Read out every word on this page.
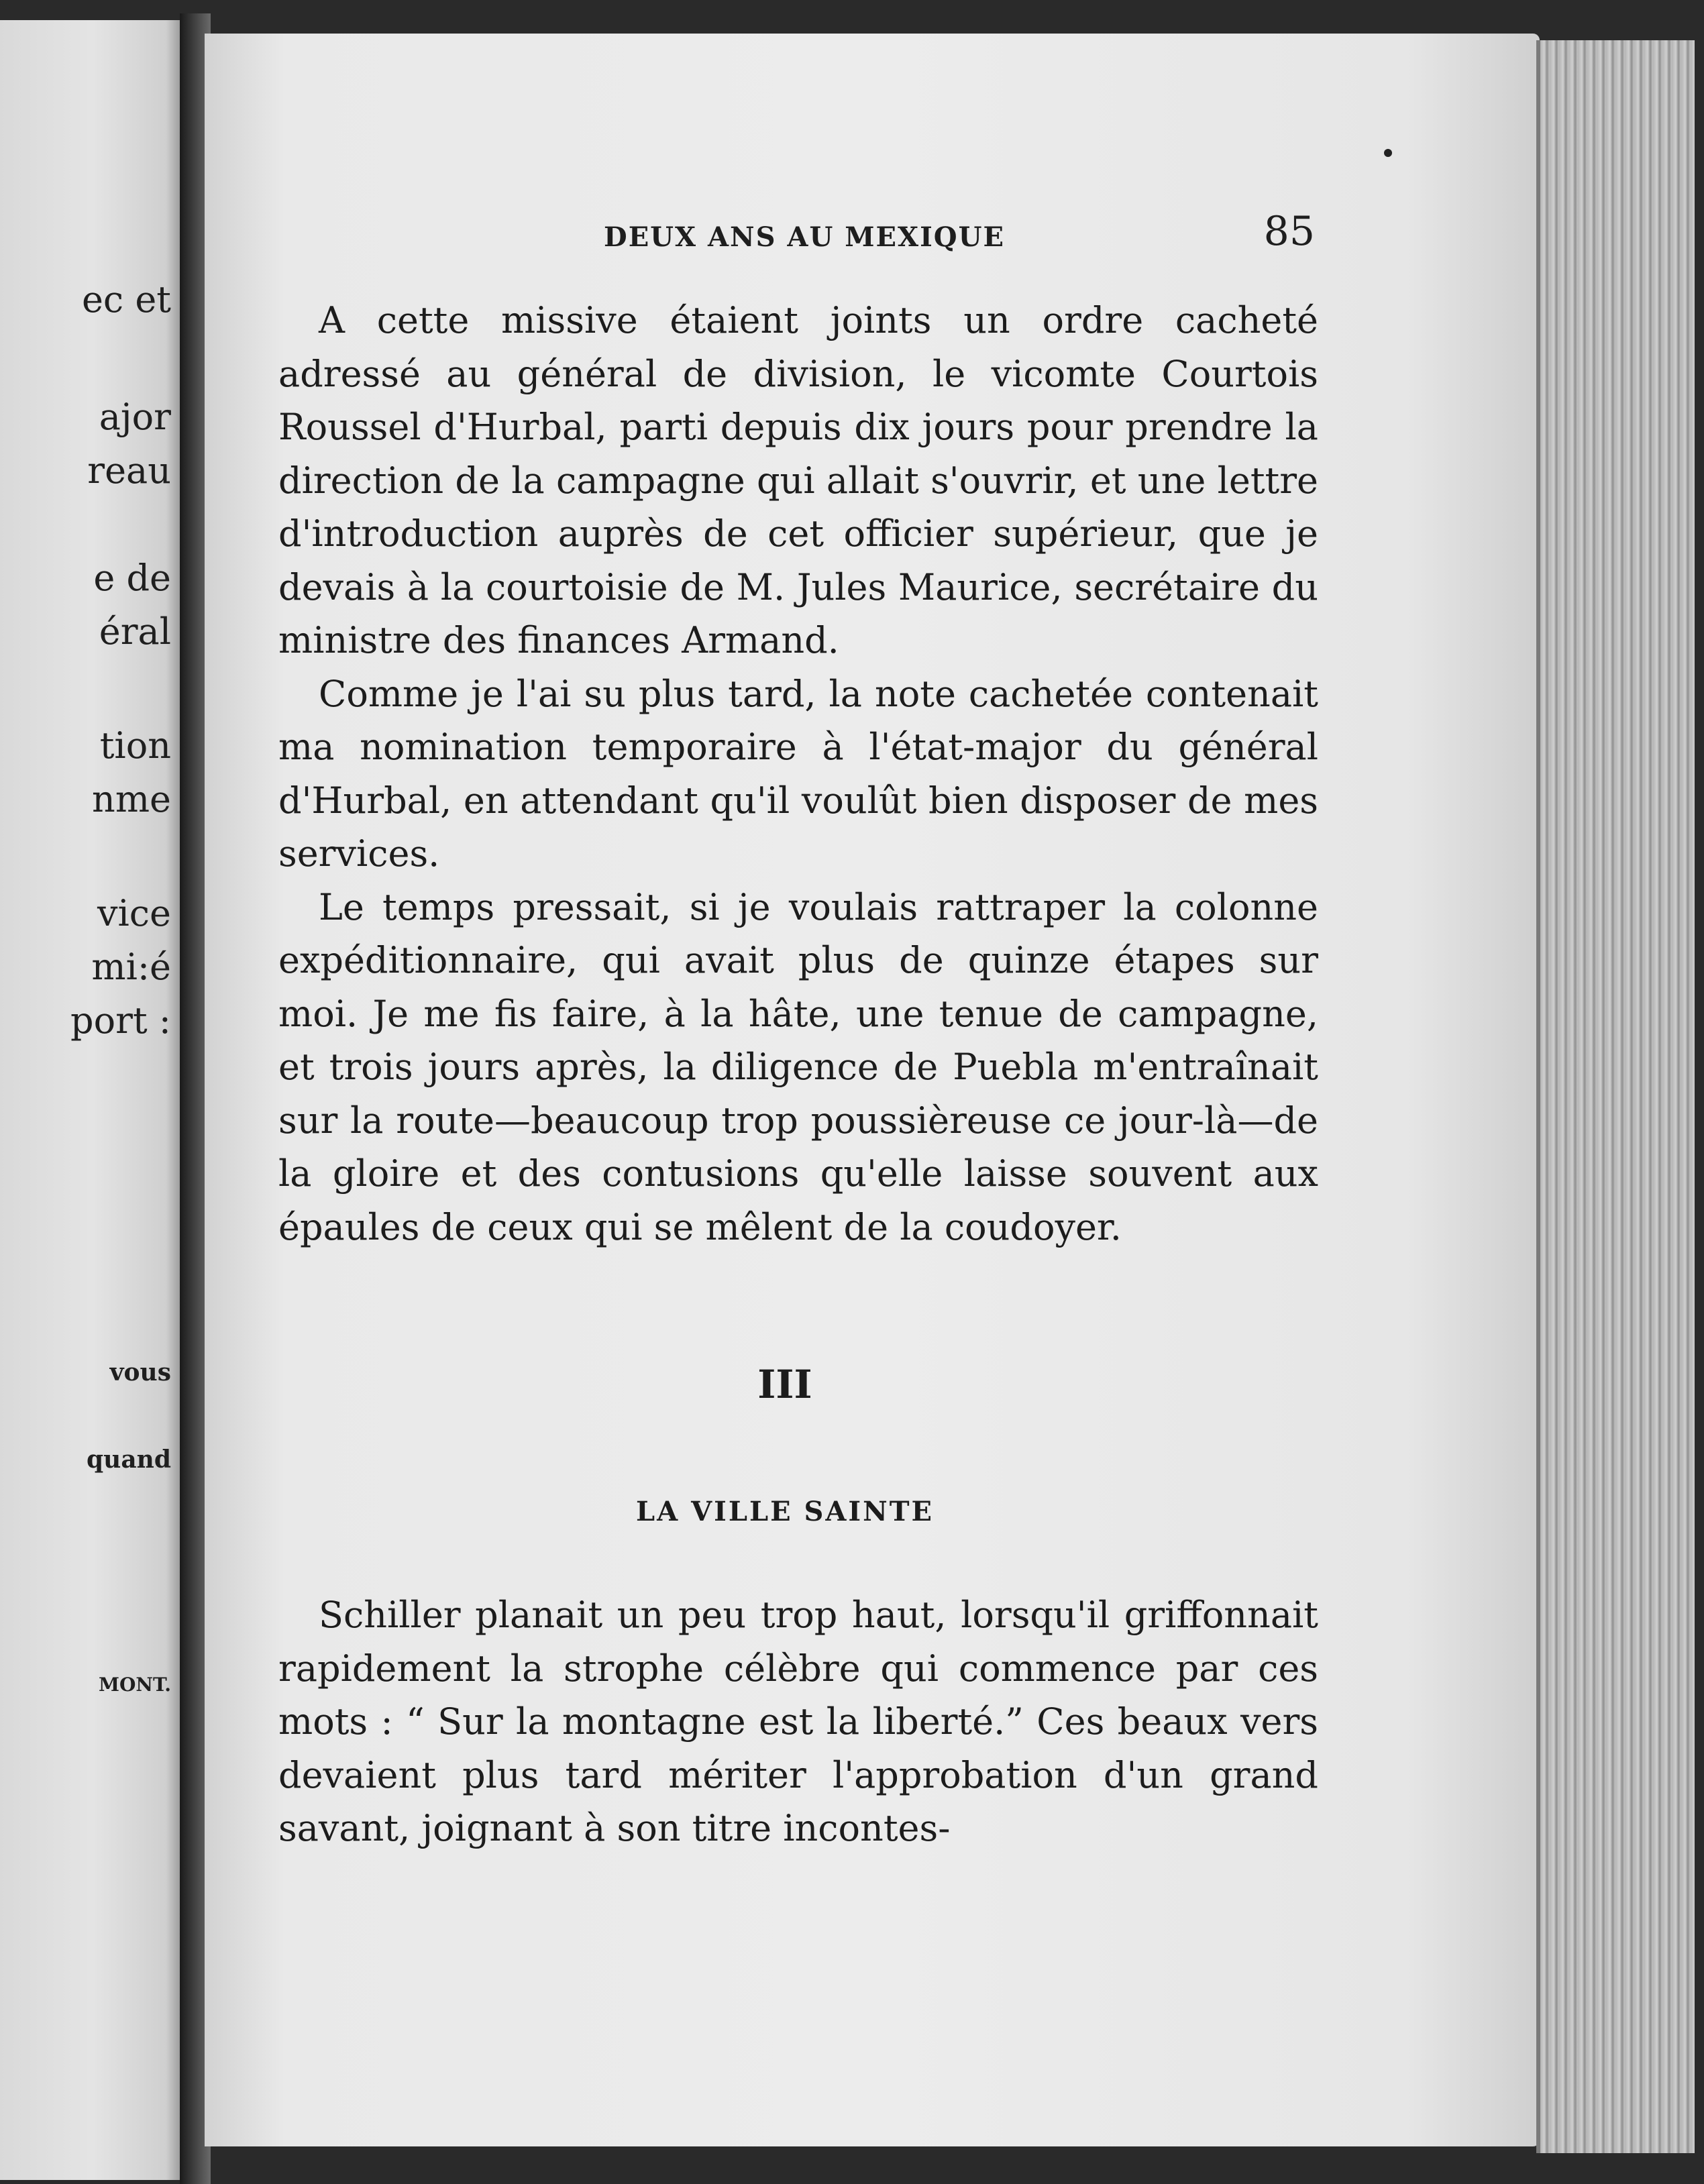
ec et
ajor
reau
e de
éral
tion
nme
vice
mi:é
port :
vous
quand
MONT.
DEUX ANS AU MEXIQUE	85

A cette missive étaient joints un ordre cacheté adressé au général de division, le vicomte Courtois Roussel d'Hurbal, parti depuis dix jours pour prendre la direction de la campagne qui allait s'ouvrir, et une lettre d'introduction auprès de cet officier supérieur, que je devais à la courtoisie de M. Jules Maurice, secrétaire du ministre des finances Armand.

Comme je l'ai su plus tard, la note cachetée contenait ma nomination temporaire à l'état-major du général d'Hurbal, en attendant qu'il voulût bien disposer de mes services.

Le temps pressait, si je voulais rattraper la colonne expéditionnaire, qui avait plus de quinze étapes sur moi. Je me fis faire, à la hâte, une tenue de campagne, et trois jours après, la diligence de Puebla m'entraînait sur la route—beaucoup trop poussièreuse ce jour-là—de la gloire et des contusions qu'elle laisse souvent aux épaules de ceux qui se mêlent de la coudoyer.

III
LA VILLE SAINTE

Schiller planait un peu trop haut, lorsqu'il griffonnait rapidement la strophe célèbre qui commence par ces mots : “ Sur la montagne est la liberté.” Ces beaux vers devaient plus tard mériter l'approbation d'un grand savant, joignant à son titre incontes-
